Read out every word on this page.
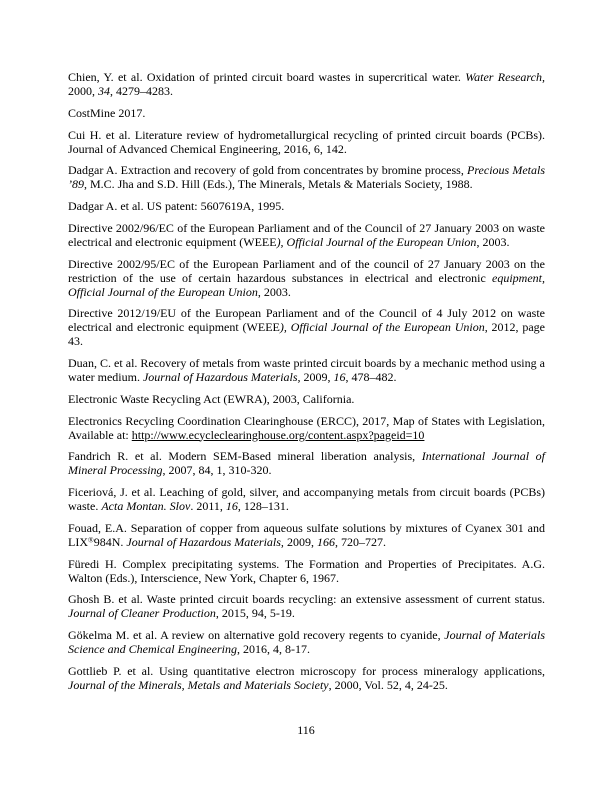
Chien, Y. et al. Oxidation of printed circuit board wastes in supercritical water. Water Research, 2000, 34, 4279–4283.

CostMine 2017.

Cui H. et al. Literature review of hydrometallurgical recycling of printed circuit boards (PCBs). Journal of Advanced Chemical Engineering, 2016, 6, 142.

Dadgar A. Extraction and recovery of gold from concentrates by bromine process, Precious Metals ’89, M.C. Jha and S.D. Hill (Eds.), The Minerals, Metals & Materials Society, 1988.

Dadgar A. et al. US patent: 5607619A, 1995.

Directive 2002/96/EC of the European Parliament and of the Council of 27 January 2003 on waste electrical and electronic equipment (WEEE), Official Journal of the European Union, 2003.

Directive 2002/95/EC of the European Parliament and of the council of 27 January 2003 on the restriction of the use of certain hazardous substances in electrical and electronic equipment, Official Journal of the European Union, 2003.

Directive 2012/19/EU of the European Parliament and of the Council of 4 July 2012 on waste electrical and electronic equipment (WEEE), Official Journal of the European Union, 2012, page 43.

Duan, C. et al. Recovery of metals from waste printed circuit boards by a mechanic method using a water medium. Journal of Hazardous Materials, 2009, 16, 478–482.

Electronic Waste Recycling Act (EWRA), 2003, California.

Electronics Recycling Coordination Clearinghouse (ERCC), 2017, Map of States with Legislation, Available at: http://www.ecycleclearinghouse.org/content.aspx?pageid=10

Fandrich R. et al. Modern SEM-Based mineral liberation analysis, International Journal of Mineral Processing, 2007, 84, 1, 310-320.

Ficeriová, J. et al. Leaching of gold, silver, and accompanying metals from circuit boards (PCBs) waste. Acta Montan. Slov. 2011, 16, 128–131.

Fouad, E.A. Separation of copper from aqueous sulfate solutions by mixtures of Cyanex 301 and LIX®984N. Journal of Hazardous Materials, 2009, 166, 720–727.

Füredi H. Complex precipitating systems. The Formation and Properties of Precipitates. A.G. Walton (Eds.), Interscience, New York, Chapter 6, 1967.

Ghosh B. et al. Waste printed circuit boards recycling: an extensive assessment of current status. Journal of Cleaner Production, 2015, 94, 5-19.

Gökelma M. et al. A review on alternative gold recovery regents to cyanide, Journal of Materials Science and Chemical Engineering, 2016, 4, 8-17.

Gottlieb P. et al. Using quantitative electron microscopy for process mineralogy applications, Journal of the Minerals, Metals and Materials Society, 2000, Vol. 52, 4, 24-25.

116
